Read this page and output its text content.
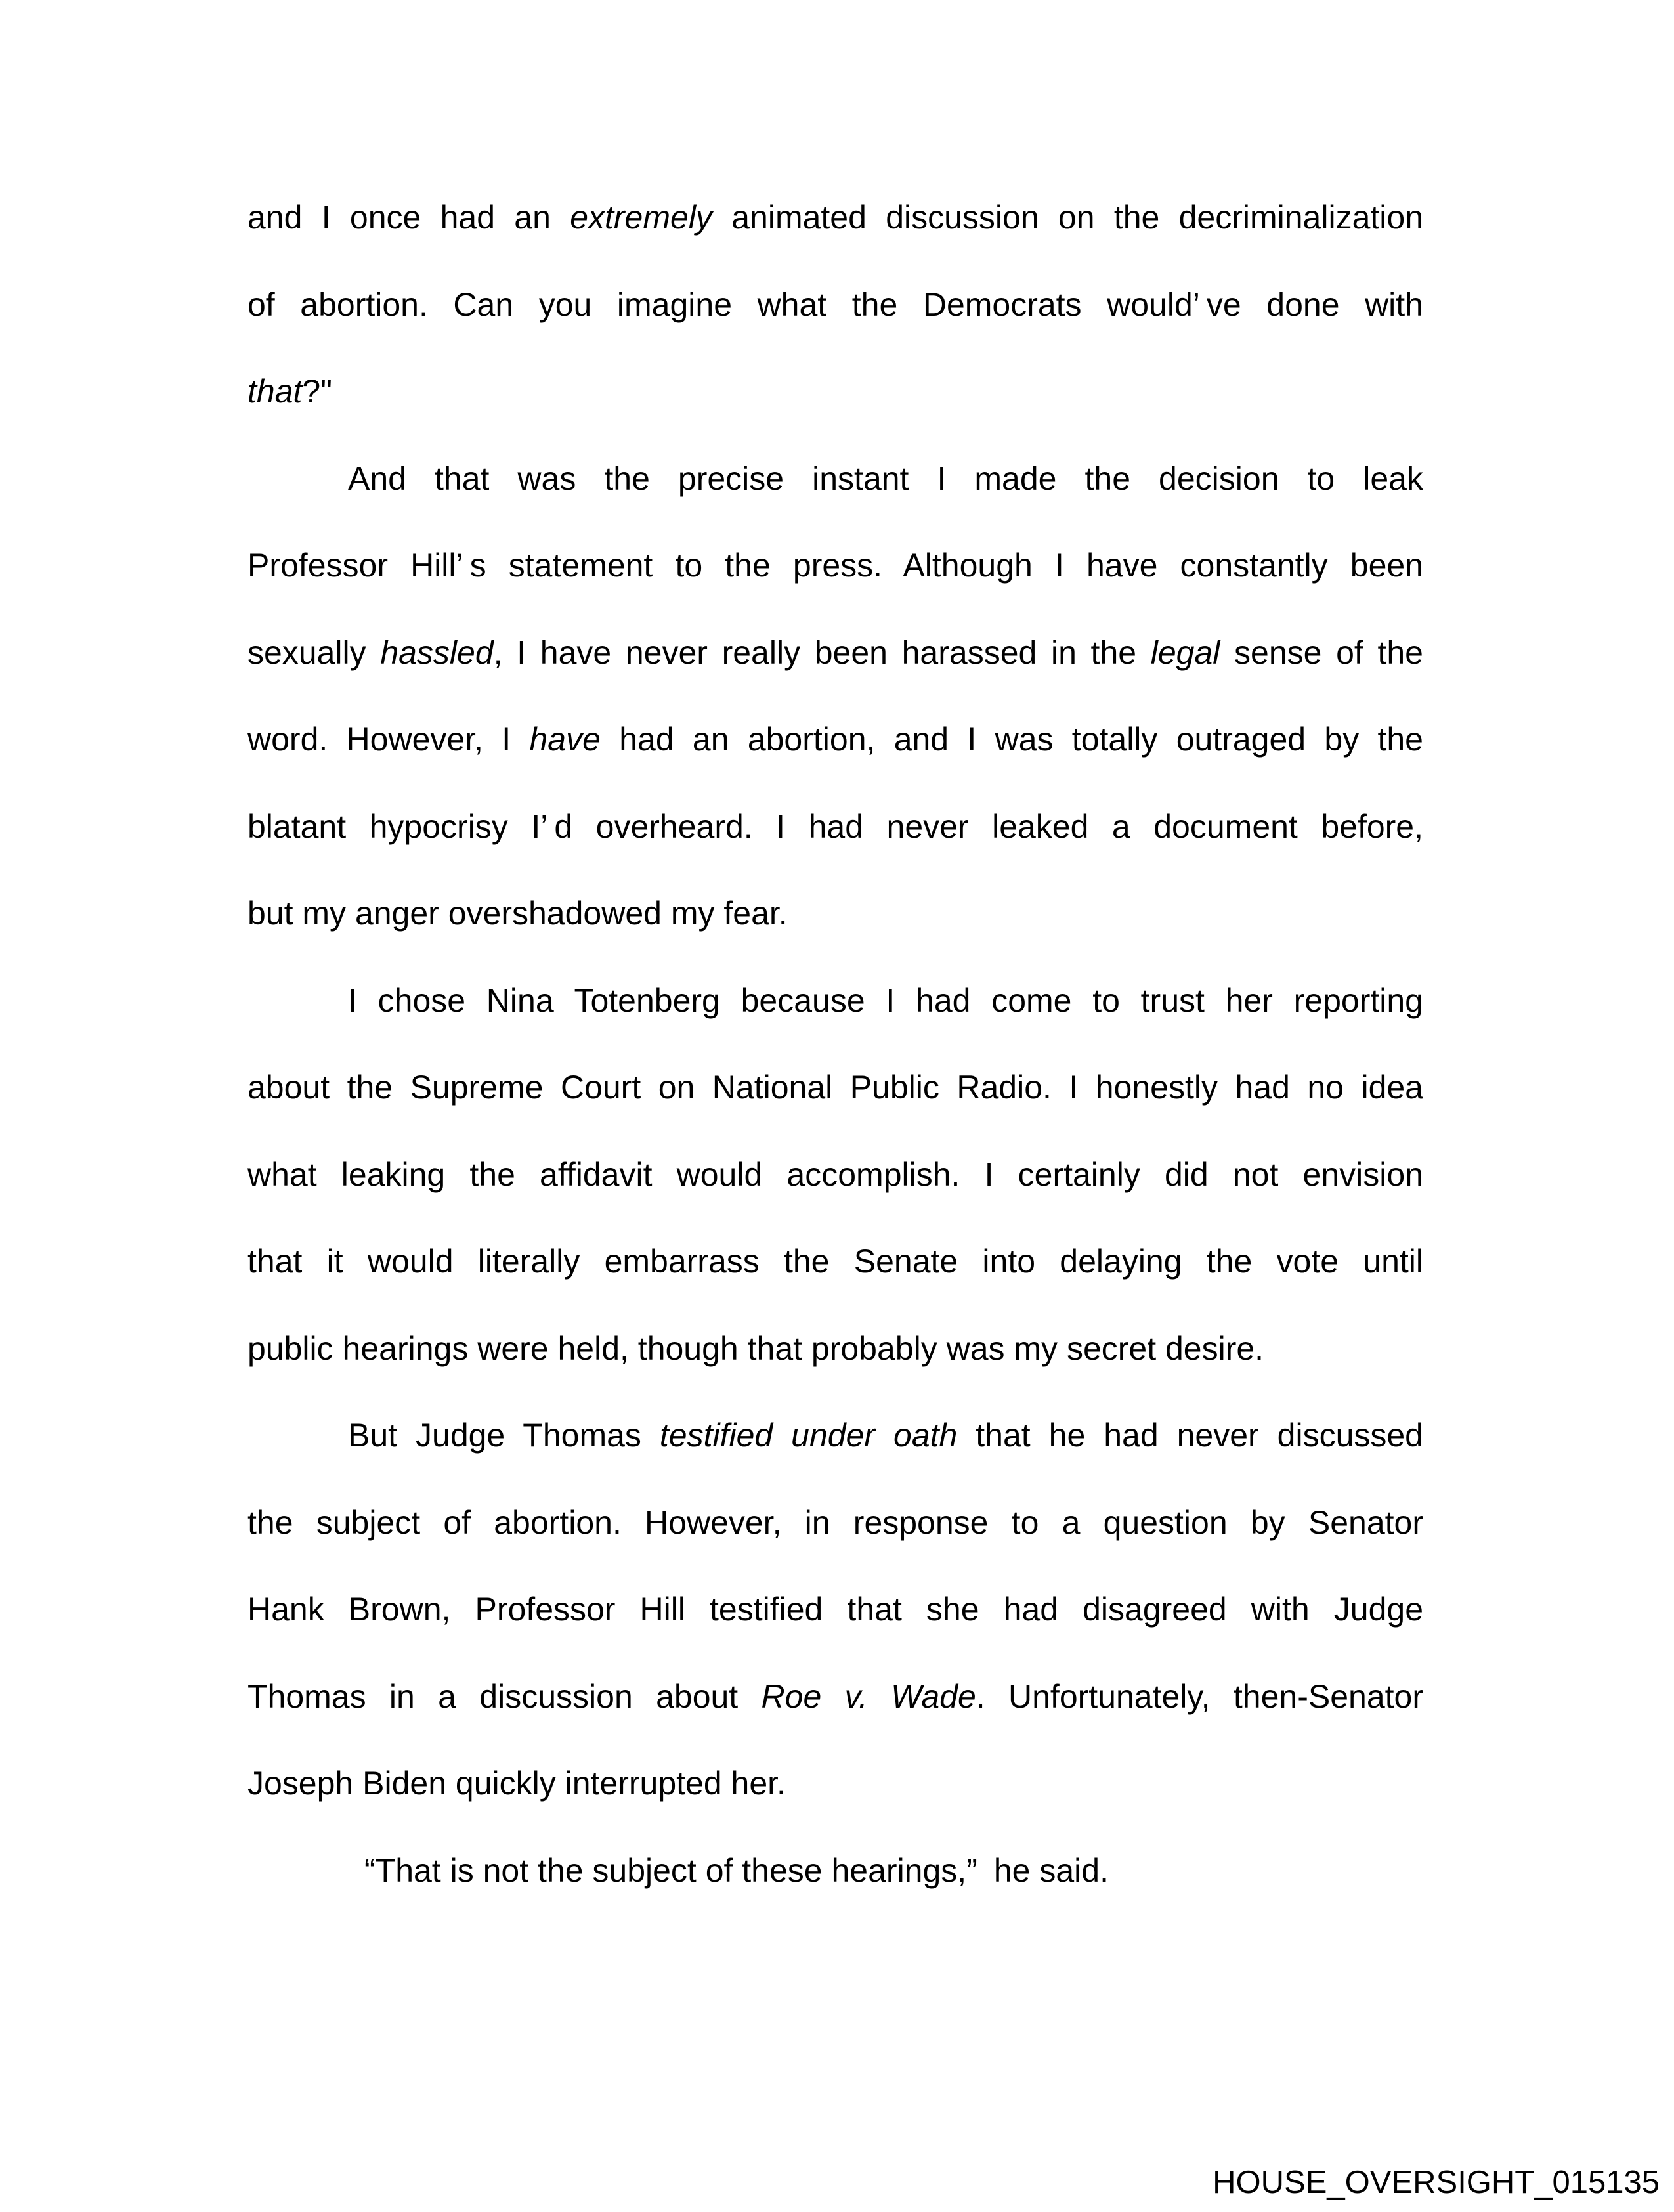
and I once had an extremely animated discussion on the decriminalization
of abortion. Can you imagine what the Democrats would’ ve done with
that?"
And that was the precise instant I made the decision to leak
Professor Hill’ s statement to the press. Although I have constantly been
sexually hassled, I have never really been harassed in the legal sense of the
word. However, I have had an abortion, and I was totally outraged by the
blatant hypocrisy I’ d overheard. I had never leaked a document before,
but my anger overshadowed my fear.
I chose Nina Totenberg because I had come to trust her reporting
about the Supreme Court on National Public Radio. I honestly had no idea
what leaking the affidavit would accomplish. I certainly did not envision
that it would literally embarrass the Senate into delaying the vote until
public hearings were held, though that probably was my secret desire.
But Judge Thomas testified under oath that he had never discussed
the subject of abortion. However, in response to a question by Senator
Hank Brown, Professor Hill testified that she had disagreed with Judge
Thomas in a discussion about Roe v. Wade. Unfortunately, then-Senator
Joseph Biden quickly interrupted her.
“That is not the subject of these hearings,” he said.
HOUSE_OVERSIGHT_015135
